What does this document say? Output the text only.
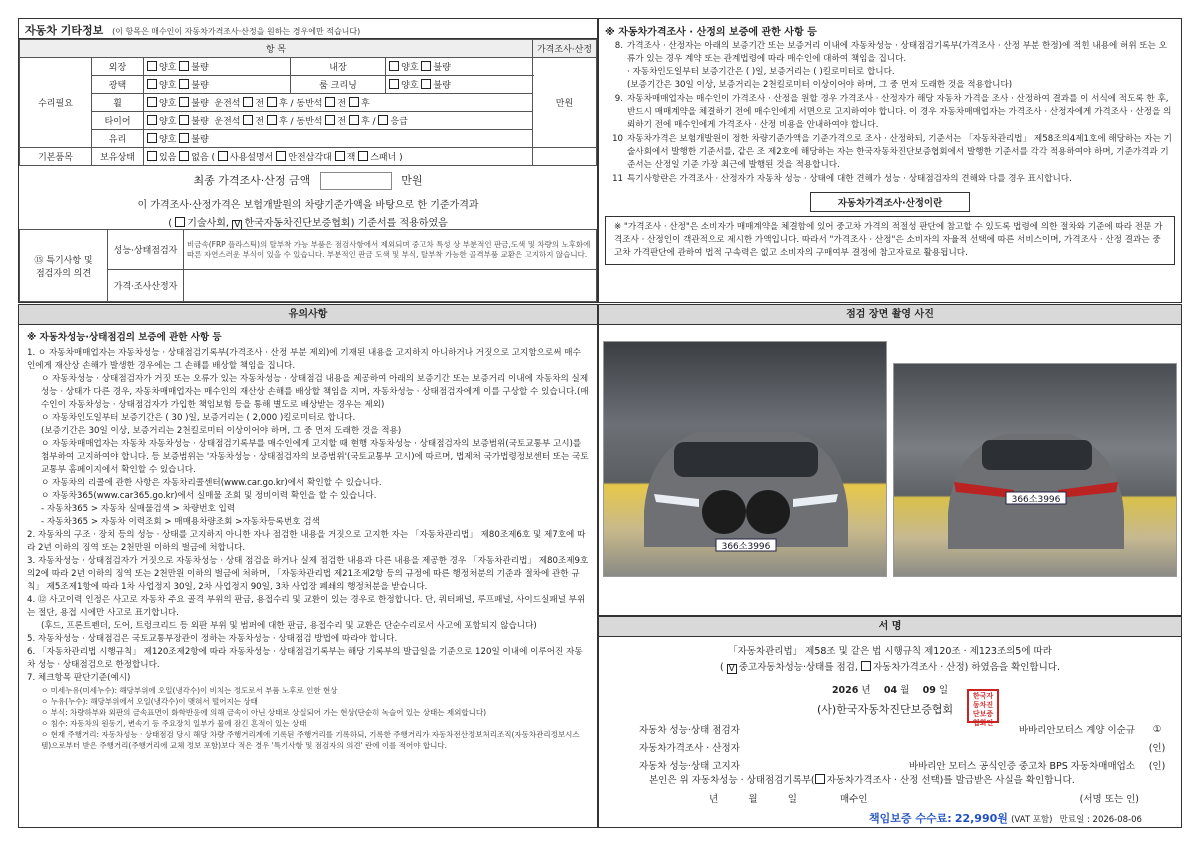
자동차 기타정보 (이 항목은 매수인이 자동차가격조사·산정을 원하는 경우에만 적습니다)
항 목					가격조사·산정
수리필요	외장	양호 불량	내장	양호 불량	만원
	광택	양호 불량	룸 크리닝	양호 불량	
	휠	양호 불량 운전석 전 후 / 동반석 전 후			
	타이어	양호 불량 운전석 전 후 / 동반석 전 후 / 응급			
	유리	양호 불량			
기본품목	보유상태	있음 없음 ( 사용설명서 안전삼각대 잭 스패너 )			
최종 가격조사·산정 금액	만원
이 가격조사·산정가격은 보험개발원의 차량기준가액을 바탕으로 한 기준가격과
( 기술사회, V 한국자동차진단보증협회) 기준서를 적용하였음
⑮ 특기사항 및
점검자의 의견	성능·상태점검자	비금속(FRP 플라스틱)의 탈부착 가능 부품은 점검사항에서 제외되며 중고차 특성 상 부분적인 판금,도색 및 차량의 노후화에 따른 자연스러운 부식이 있을 수 있습니다. 부분적인 판금 도색 및 부식, 탈부착 가능한 골격부품 교환은 고지하지 않습니다.
	가격·조사산정자	
※ 자동차가격조사 · 산정의 보증에 관한 사항 등
8. 가격조사 · 산정자는 아래의 보증기간 또는 보증거리 이내에 자동차성능 · 상태점검기록부(가격조사 · 산정 부분 한정)에 적힌 내용에 허위 또는 오류가 있는 경우 계약 또는 관계법령에 따라 매수인에 대하여 책임을 집니다.
· 자동차인도일부터 보증기간은 ( )일, 보증거리는 ( )킬로미터로 합니다.
(보증기간은 30일 이상, 보증거리는 2천킬로미터 이상이어야 하며, 그 중 먼저 도래한 것을 적용합니다)
9. 자동차매매업자는 매수인이 가격조사 · 산정을 원할 경우 가격조사 · 산정자가 해당 자동차 가격을 조사 · 산정하여 결과를 이 서식에 적도록 한 후, 반드시 매매계약을 체결하기 전에 매수인에게 서면으로 고지하여야 합니다. 이 경우 자동차매매업자는 가격조사 · 산정자에게 가격조사 · 산정을 의뢰하기 전에 매수인에게 가격조사 · 산정 비용을 안내하여야 합니다.
10 자동차가격은 보험개발원이 정한 차량기준가액을 기준가격으로 조사 · 산정하되, 기준서는 「자동차관리법」 제58조의4제1호에 해당하는 자는 기술사회에서 발행한 기준서를, 같은 조 제2호에 해당하는 자는 한국자동차진단보증협회에서 발행한 기준서를 각각 적용하여야 하며, 기준가격과 기준서는 산정일 기준 가장 최근에 발행된 것을 적용합니다.
11 특기사항란은 가격조사 · 산정자가 자동차 성능 · 상태에 대한 견해가 성능 · 상태점검자의 견해와 다를 경우 표시합니다.
자동차가격조사·산정이란
※ "가격조사 · 산정"은 소비자가 매매계약을 체결함에 있어 중고차 가격의 적절성 판단에 참고할 수 있도록 법령에 의한 절차와 기준에 따라 전문 가격조사 · 산정인이 객관적으로 제시한 가액입니다. 따라서 "가격조사 · 산정"은 소비자의 자율적 선택에 따른 서비스이며, 가격조사 · 산정 결과는 중고차 가격판단에 관하여 법적 구속력은 없고 소비자의 구매여부 결정에 참고자료로 활용됩니다.
유의사항
※ 자동차성능·상태점검의 보증에 관한 사항 등

1. ㅇ 자동차매매업자는 자동차성능 · 상태점검기록부(가격조사 · 산정 부분 제외)에 기재된 내용을 고지하지 아니하거나 거짓으로 고지함으로써 매수인에게 재산상 손해가 발생한 경우에는 그 손해를 배상할 책임을 집니다.

ㅇ 자동차성능 · 상태점검자가 거짓 또는 오류가 있는 자동차성능 · 상태점검 내용을 제공하여 아래의 보증기간 또는 보증거리 이내에 자동차의 실제 성능 · 상태가 다른 경우, 자동차매매업자는 매수인의 재산상 손해를 배상할 책임을 지며, 자동차성능 · 상태점검자에게 이를 구상할 수 있습니다.(매수인이 자동차성능 · 상태점검자가 가입한 책임보험 등을 통해 별도로 배상받는 경우는 제외)

ㅇ 자동차인도일부터 보증기간은 ( 30 )일, 보증거리는 ( 2,000 )킬로미터로 합니다.

(보증기간은 30일 이상, 보증거리는 2천킬로미터 이상이어야 하며, 그 중 먼저 도래한 것을 적용)

ㅇ 자동차매매업자는 자동차 자동차성능 · 상태점검기록부를 매수인에게 고지할 때 현행 자동차성능 · 상태점검자의 보증범위(국토교통부 고시)를 첨부하여 고지하여야 합니다. 등 보증범위는 '자동차성능 · 상태점검자의 보증범위'(국토교통부 고시)에 따르며, 법제처 국가법령정보센터 또는 국토교통부 홈페이지에서 확인할 수 있습니다.

ㅇ 자동차의 리콜에 관한 사항은 자동차리콜센터(www.car.go.kr)에서 확인할 수 있습니다.

ㅇ 자동차365(www.car365.go.kr)에서 실매물 조회 및 정비이력 확인을 할 수 있습니다.

- 자동차365 > 자동차 실매물검색 > 차량번호 입력

- 자동차365 > 자동차 이력조회 > 매매용차량조회 >자동차등록번호 검색

2. 자동차의 구조 · 장치 등의 성능 · 상태를 고지하지 아니한 자나 점검한 내용을 거짓으로 고지한 자는 「자동차관리법」 제80조제6호 및 제7호에 따라 2년 이하의 징역 또는 2천만원 이하의 벌금에 처합니다.

3. 자동차성능 · 상태점검자가 거짓으로 자동차성능 · 상태 점검을 하거나 실제 점검한 내용과 다른 내용을 제공한 경우 「자동차관리법」 제80조제9호의2에 따라 2년 이하의 징역 또는 2천만원 이하의 벌금에 처하며, 「자동차관리법 제21조제2항 등의 규정에 따른 행정처분의 기준과 절차에 관한 규칙」 제5조제1항에 따라 1차 사업정지 30일, 2차 사업정지 90일, 3차 사업장 폐쇄의 행정처분을 받습니다.

4. ⑫ 사고이력 인정은 사고로 자동차 주요 골격 부위의 판금, 용접수리 및 교환이 있는 경우로 한정합니다. 단, 쿼터패널, 루프패널, 사이드실패널 부위는 절단, 용접 시에만 사고로 표기합니다.

(후드, 프론트펜더, 도어, 트렁크리드 등 외판 부위 및 범퍼에 대한 판금, 용접수리 및 교환은 단순수리로서 사고에 포함되지 않습니다)

5. 자동차성능 · 상태점검은 국토교통부장관이 정하는 자동차성능 · 상태점검 방법에 따라야 합니다.

6. 「자동차관리법 시행규칙」 제120조제2항에 따라 자동차성능 · 상태점검기록부는 해당 기록부의 발급일을 기준으로 120일 이내에 이루어진 자동차 성능 · 상태점검으로 한정합니다.

7. 체크항목 판단기준(예시)

ㅇ 미세누유(미세누수): 해당부위에 오일(냉각수)이 비치는 정도로서 부품 노후로 인한 현상
ㅇ 누유(누수): 해당부위에서 오일(냉각수)이 맺혀서 떨어지는 상태
ㅇ 부식: 차량하부와 외판의 금속표면이 화학반응에 의해 금속이 아닌 상태로 상실되어 가는 현상(단순히 녹슬어 있는 상태는 제외합니다)
ㅇ 침수: 자동차의 원동기, 변속기 등 주요장치 일부가 물에 잠긴 흔적이 있는 상태
ㅇ 현재 주행거리: 자동차성능 · 상태점검 당시 해당 차량 주행거리계에 기록된 주행거리를 기록하되, 기록한 주행거리가 자동차전산정보처리조직(자동차관리정보시스템)으로부터 받은 주행거리(주행거리에 교체 정보 포함)보다 적은 경우 '특기사항 및 점검자의 의견' 란에 이를 적어야 합니다.
점검 장면 촬영 사진
366소3996
366소3996
서 명
「자동차관리법」 제58조 및 같은 법 시행규칙 제120조 · 제123조의5에 따라
( V 중고자동차성능·상태를 점검, 자동차가격조사 · 산정) 하였음을 확인합니다.
2026 년 04 월 09 일
(사)한국자동차진단보증협회
한국자동차진단보증협회인
자동차 성능·상태 점검자	바바리안모터스 계양 이순규	①
자동차가격조사 · 산정자		(인)
자동차 성능·상태 고지자	바바리안 모터스 공식인증 중고차 BPS 자동차매매업소	(인)
본인은 위 자동차성능 · 상태점검기록부( 자동차가격조사 · 산정 선택)를 발급받은 사실을 확인합니다.
년          월          일	매수인	(서명 또는 인)
책임보증 수수료: 22,990원 (VAT 포함) 만료일 : 2026-08-06
